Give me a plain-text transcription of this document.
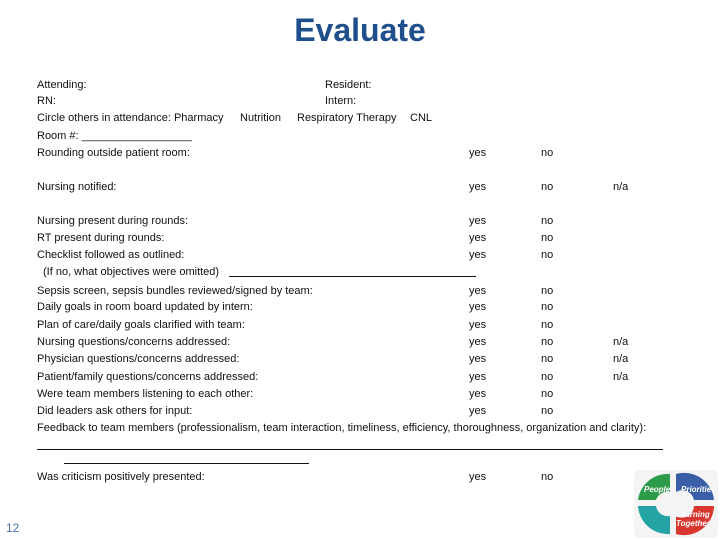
Evaluate
Attending:	Resident:
RN:	Intern:
Circle others in attendance: Pharmacy Nutrition Respiratory Therapy CNL
Room #: __________________
Rounding outside patient room:	yes	no
Nursing notified:	yes	no	n/a
Nursing present during rounds:	yes	no
RT present during rounds:	yes	no
Checklist followed as outlined:	yes	no
Sepsis screen, sepsis bundles reviewed/signed by team:	yes	no
Daily goals in room board updated by intern:	yes	no
Plan of care/daily goals clarified with team:	yes	no
Nursing questions/concerns addressed:	yes	no	n/a
Physician questions/concerns addressed:	yes	no	n/a
Patient/family questions/concerns addressed:	yes	no	n/a
Were team members listening to each other:	yes	no
Did leaders ask others for input:	yes	no
(If no, what objectives were omitted)
Feedback to team members (professionalism, team interaction, timeliness, efficiency, thoroughness, organization and clarity):
Was criticism positively presented:	yes	no
12
People Priorities
Learning
Together
